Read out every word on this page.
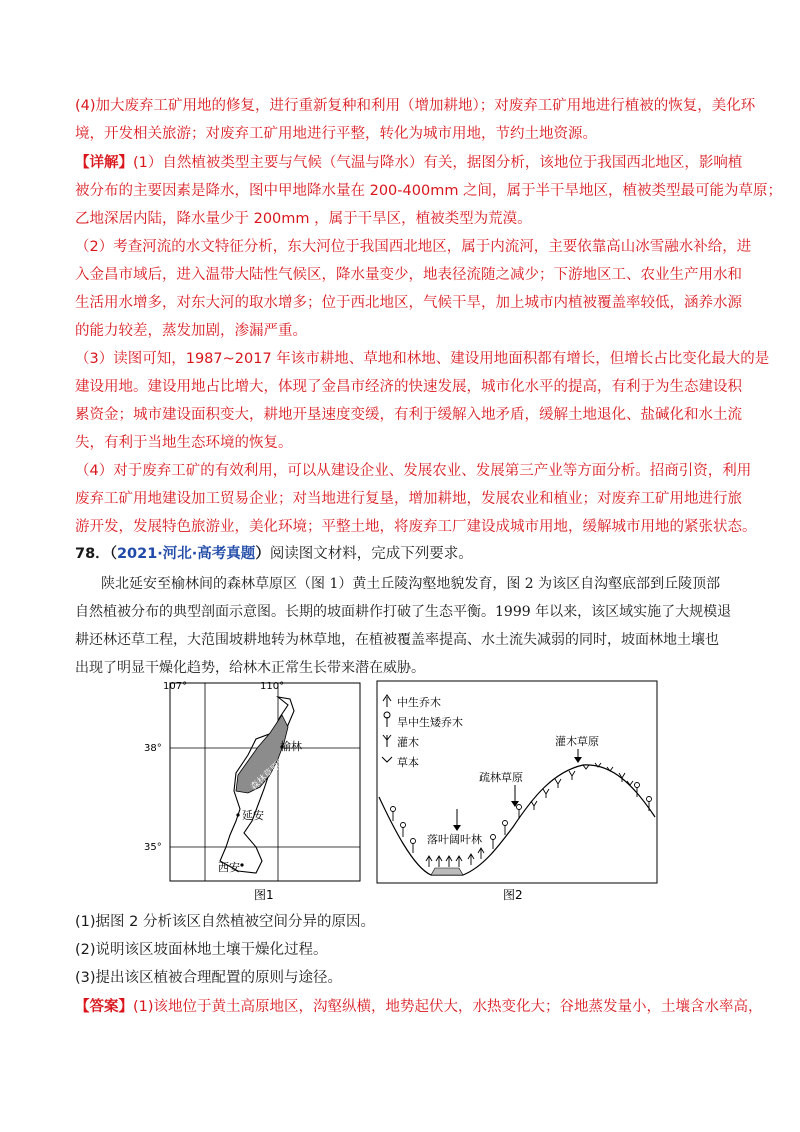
(4)加大废弃工矿用地的修复，进行重新复种和利用（增加耕地）；对废弃工矿用地进行植被的恢复，美化环
境，开发相关旅游；对废弃工矿用地进行平整，转化为城市用地，节约土地资源。
【详解】(1）自然植被类型主要与气候（气温与降水）有关，据图分析，该地位于我国西北地区，影响植
被分布的主要因素是降水，图中甲地降水量在 200-400mm 之间，属于半干旱地区，植被类型最可能为草原；
乙地深居内陆，降水量少于 200mm ，属于干旱区，植被类型为荒漠。
（2）考查河流的水文特征分析，东大河位于我国西北地区，属于内流河，主要依靠高山冰雪融水补给，进
入金昌市域后，进入温带大陆性气候区，降水量变少，地表径流随之减少；下游地区工、农业生产用水和
生活用水增多，对东大河的取水增多；位于西北地区，气候干旱，加上城市内植被覆盖率较低，涵养水源
的能力较差，蒸发加剧，渗漏严重。
（3）读图可知，1987~2017 年该市耕地、草地和林地、建设用地面积都有增长，但增长占比变化最大的是
建设用地。建设用地占比增大，体现了金昌市经济的快速发展，城市化水平的提高，有利于为生态建设积
累资金；城市建设面积变大，耕地开垦速度变缓，有利于缓解入地矛盾，缓解土地退化、盐碱化和水土流
失，有利于当地生态环境的恢复。
（4）对于废弃工矿的有效利用，可以从建设企业、发展农业、发展第三产业等方面分析。招商引资，利用
废弃工矿用地建设加工贸易企业；对当地进行复垦，增加耕地，发展农业和植业；对废弃工矿用地进行旅
游开发，发展特色旅游业，美化环境；平整土地，将废弃工厂建设成城市用地，缓解城市用地的紧张状态。
78．（2021·河北·高考真题）阅读图文材料，完成下列要求。
陕北延安至榆林间的森林草原区（图 1）黄土丘陵沟壑地貌发育，图 2 为该区自沟壑底部到丘陵顶部
自然植被分布的典型剖面示意图。长期的坡面耕作打破了生态平衡。1999 年以来，该区域实施了大规模退
耕还林还草工程，大范围坡耕地转为林草地，在植被覆盖率提高、水土流失减弱的同时，坡面林地土壤也
出现了明显干燥化趋势，给林木正常生长带来潜在威胁。
107°	110°
38°
35°
榆林
延安
西安
森林草原区
图1
中生乔木
旱中生矮乔木
灌木
草本
灌木草原
疏林草原
落叶阔叶林
图2
(1)据图 2 分析该区自然植被空间分异的原因。
(2)说明该区坡面林地土壤干燥化过程。
(3)提出该区植被合理配置的原则与途径。
【答案】(1)该地位于黄土高原地区，沟壑纵横，地势起伏大，水热变化大；谷地蒸发量小，土壤含水率高，
